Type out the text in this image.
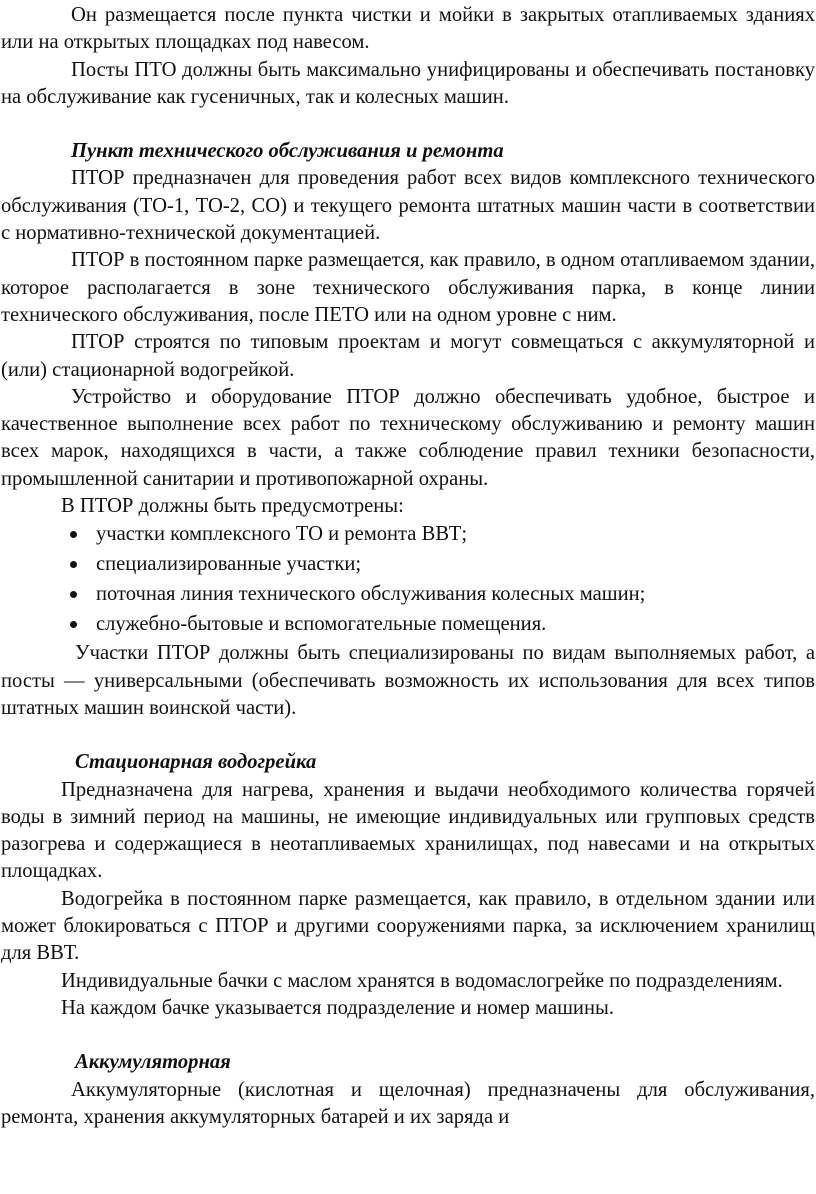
Он размещается после пункта чистки и мойки в закрытых отапливаемых зданиях или на открытых площадках под навесом.

Посты ПТО должны быть максимально унифицированы и обеспечивать постановку на обслуживание как гусеничных, так и колесных машин.

Пункт технического обслуживания и ремонта

ПТОР предназначен для проведения работ всех видов комплексного технического обслуживания (ТО-1, ТО-2, СО) и текущего ремонта штатных машин части в соответствии с нормативно-технической документацией.

ПТОР в постоянном парке размещается, как правило, в одном отапливаемом здании, которое располагается в зоне технического обслуживания парка, в конце линии технического обслуживания, после ПЕТО или на одном уровне с ним.

ПТОР строятся по типовым проектам и могут совмещаться с аккумуляторной и (или) стационарной водогрейкой.

Устройство и оборудование ПТОР должно обеспечивать удобное, быстрое и качественное выполнение всех работ по техническому обслуживанию и ремонту машин всех марок, находящихся в части, а также соблюдение правил техники безопасности, промышленной санитарии и противопожарной охраны.

В ПТОР должны быть предусмотрены:

участки комплексного ТО и ремонта ВВТ;
специализированные участки;
поточная линия технического обслуживания колесных машин;
служебно-бытовые и вспомогательные помещения.

Участки ПТОР должны быть специализированы по видам выполняемых работ, а посты — универсальными (обеспечивать возможность их использования для всех типов штатных машин воинской части).

Стационарная водогрейка

Предназначена для нагрева, хранения и выдачи необходимого количества горячей воды в зимний период на машины, не имеющие индивидуальных или групповых средств разогрева и содержащиеся в неотапливаемых хранилищах, под навесами и на открытых площадках.

Водогрейка в постоянном парке размещается, как правило, в отдельном здании или может блокироваться с ПТОР и другими сооружениями парка, за исключением хранилищ для ВВТ.

Индивидуальные бачки с маслом хранятся в водомаслогрейке по подразделениям.

На каждом бачке указывается подразделение и номер машины.

Аккумуляторная

Аккумуляторные (кислотная и щелочная) предназначены для обслуживания, ремонта, хранения аккумуляторных батарей и их заряда и
